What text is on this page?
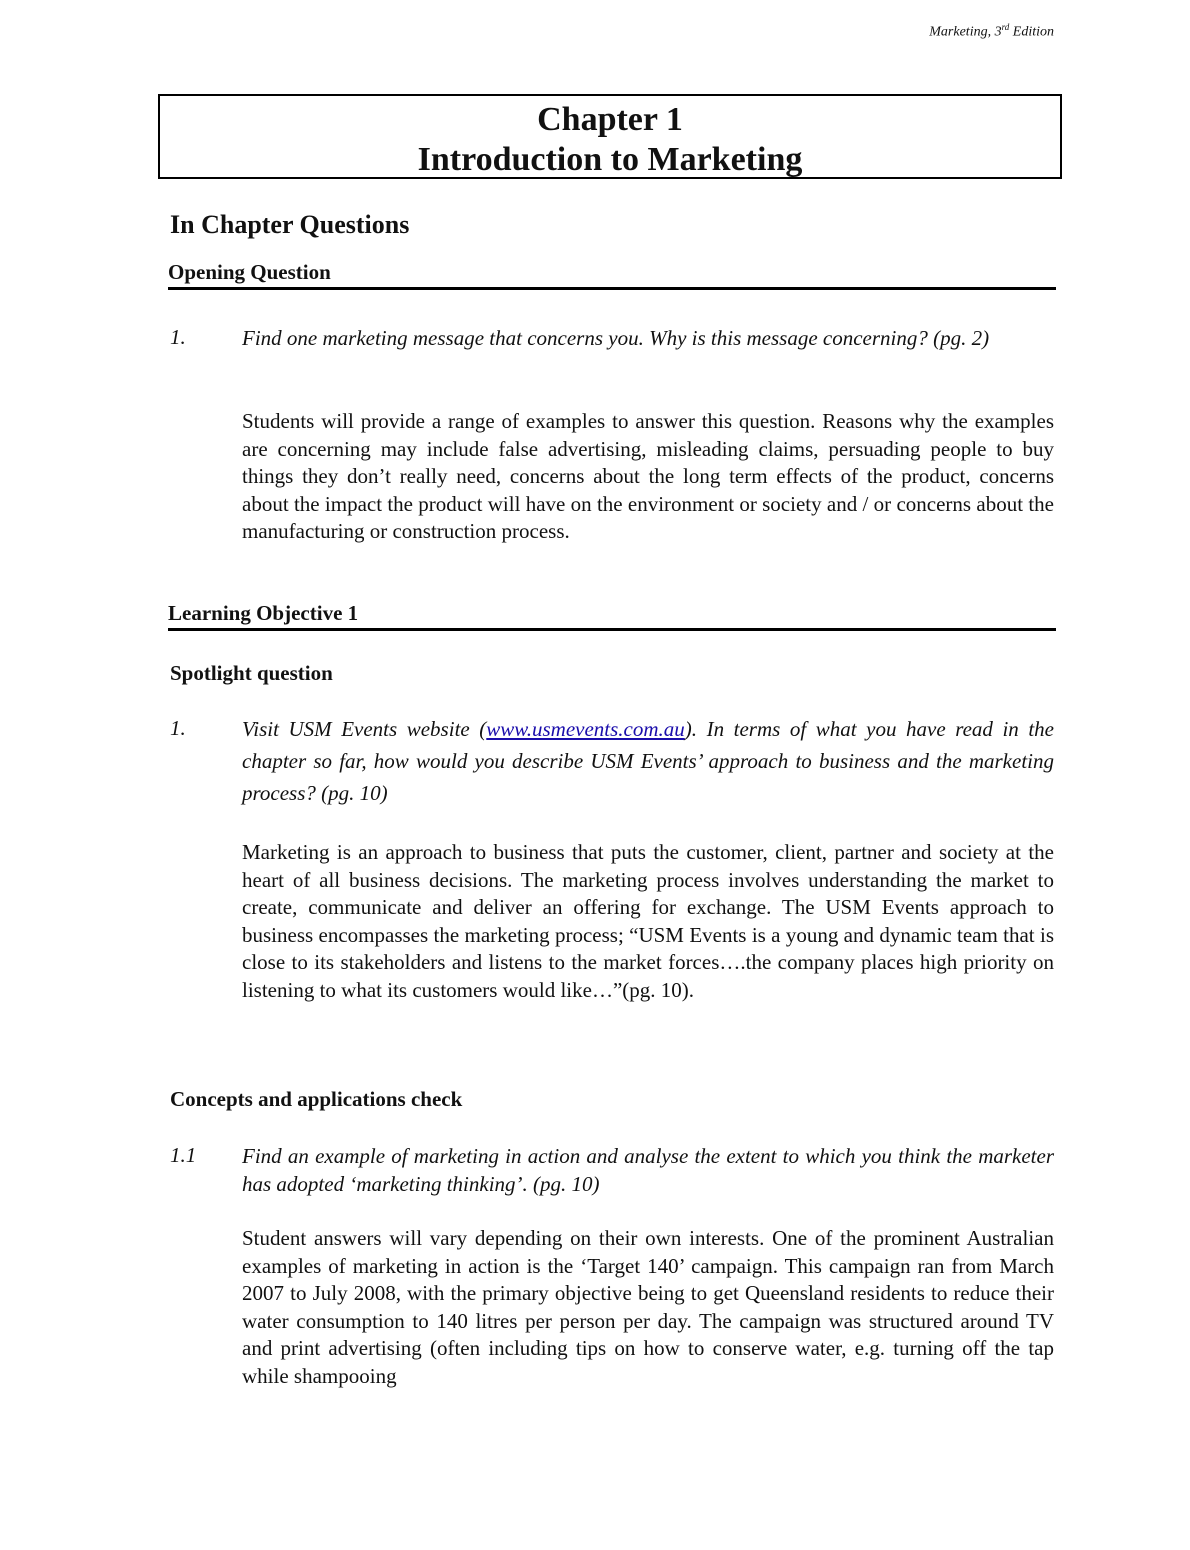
Marketing, 3rd Edition
Chapter 1
Introduction to Marketing
In Chapter Questions
Opening Question
1.	Find one marketing message that concerns you. Why is this message concerning? (pg. 2)
Students will provide a range of examples to answer this question. Reasons why the examples are concerning may include false advertising, misleading claims, persuading people to buy things they don’t really need, concerns about the long term effects of the product, concerns about the impact the product will have on the environment or society and / or concerns about the manufacturing or construction process.
Learning Objective 1
Spotlight question
1.	Visit USM Events website (www.usmevents.com.au). In terms of what you have read in the chapter so far, how would you describe USM Events’ approach to business and the marketing process? (pg. 10)
Marketing is an approach to business that puts the customer, client, partner and society at the heart of all business decisions. The marketing process involves understanding the market to create, communicate and deliver an offering for exchange. The USM Events approach to business encompasses the marketing process; “USM Events is a young and dynamic team that is close to its stakeholders and listens to the market forces….the company places high priority on listening to what its customers would like…”(pg. 10).
Concepts and applications check
1.1 Find an example of marketing in action and analyse the extent to which you think the marketer has adopted ‘marketing thinking’. (pg. 10)
Student answers will vary depending on their own interests. One of the prominent Australian examples of marketing in action is the ‘Target 140’ campaign. This campaign ran from March 2007 to July 2008, with the primary objective being to get Queensland residents to reduce their water consumption to 140 litres per person per day. The campaign was structured around TV and print advertising (often including tips on how to conserve water, e.g. turning off the tap while shampooing
